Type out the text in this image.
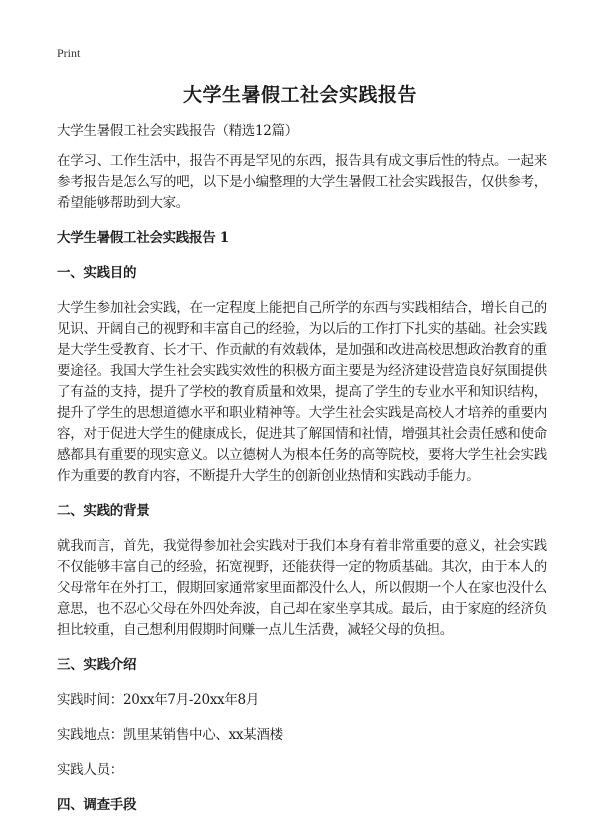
Print
大学生暑假工社会实践报告

大学生暑假工社会实践报告（精选12篇）

在学习、工作生活中，报告不再是罕见的东西，报告具有成文事后性的特点。一起来参考报告是怎么写的吧，以下是小编整理的大学生暑假工社会实践报告，仅供参考，希望能够帮助到大家。

大学生暑假工社会实践报告 1

一、实践目的

大学生参加社会实践，在一定程度上能把自己所学的东西与实践相结合，增长自己的见识、开阔自己的视野和丰富自己的经验，为以后的工作打下扎实的基础。社会实践是大学生受教育、长才干、作贡献的有效载体，是加强和改进高校思想政治教育的重要途径。我国大学生社会实践实效性的积极方面主要是为经济建设营造良好氛围提供了有益的支持，提升了学校的教育质量和效果，提高了学生的专业水平和知识结构，提升了学生的思想道德水平和职业精神等。大学生社会实践是高校人才培养的重要内容，对于促进大学生的健康成长，促进其了解国情和社情，增强其社会责任感和使命感都具有重要的现实意义。以立德树人为根本任务的高等院校，要将大学生社会实践作为重要的教育内容，不断提升大学生的创新创业热情和实践动手能力。

二、实践的背景

就我而言，首先，我觉得参加社会实践对于我们本身有着非常重要的意义，社会实践不仅能够丰富自己的经验，拓宽视野，还能获得一定的物质基础。其次，由于本人的父母常年在外打工，假期回家通常家里面都没什么人，所以假期一个人在家也没什么意思，也不忍心父母在外四处奔波，自己却在家坐享其成。最后，由于家庭的经济负担比较重，自己想利用假期时间赚一点儿生活费，减轻父母的负担。

三、实践介绍

实践时间：20xx年7月-20xx年8月

实践地点：凯里某销售中心、xx某酒楼

实践人员：

四、调查手段
